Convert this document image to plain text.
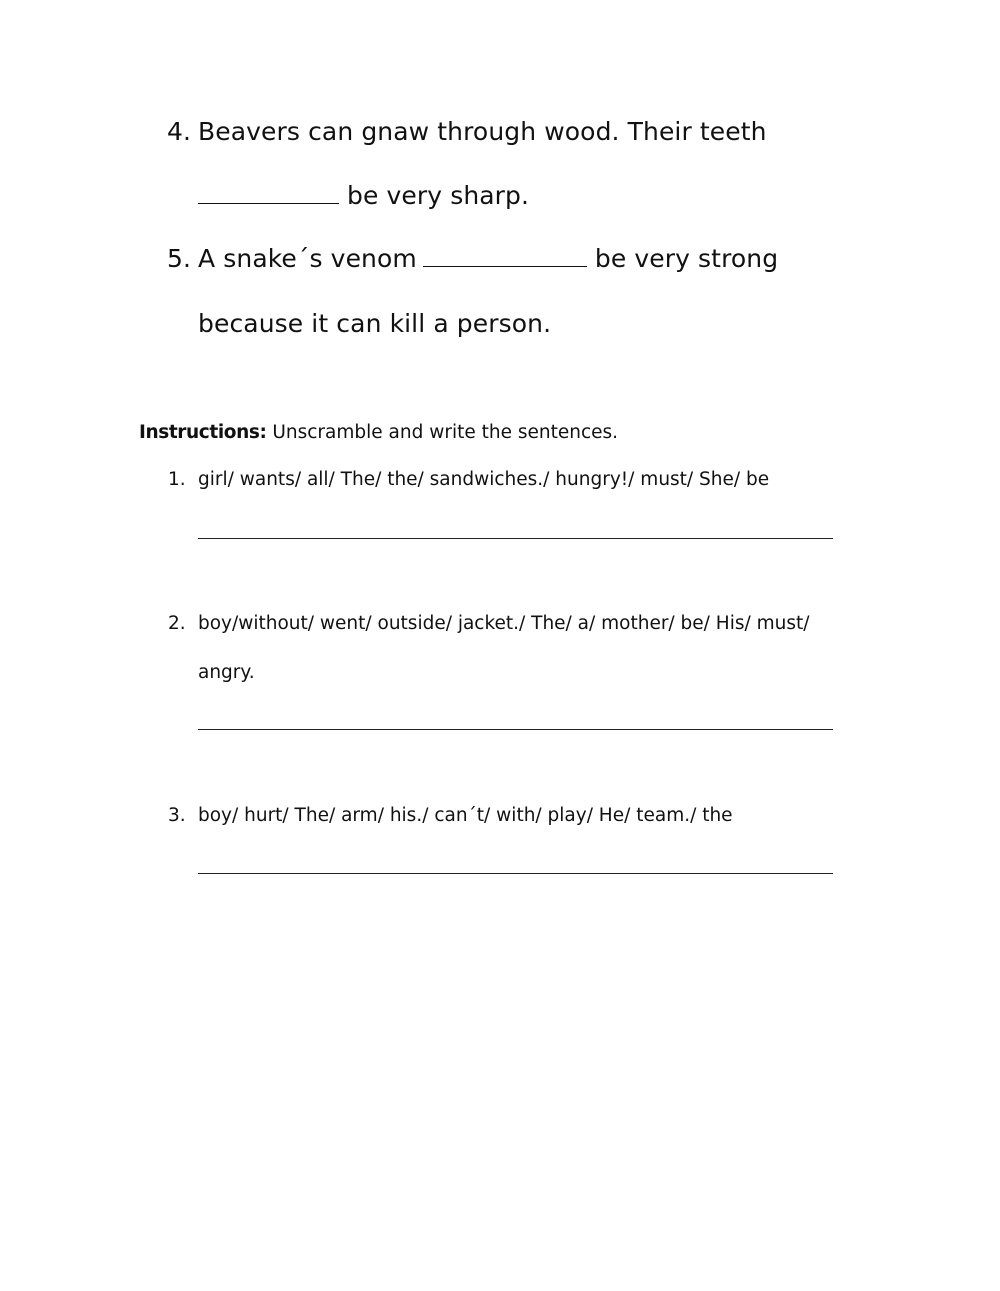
4. Beavers can gnaw through wood. Their teeth
be very sharp.
5. A snake´s venom	be very strong
because it can kill a person.
Instructions: Unscramble and write the sentences.
1. girl/ wants/ all/ The/ the/ sandwiches./ hungry!/ must/ She/ be
2. boy/without/ went/ outside/ jacket./ The/ a/ mother/ be/ His/ must/
angry.
3. boy/ hurt/ The/ arm/ his./ can´t/ with/ play/ He/ team./ the
